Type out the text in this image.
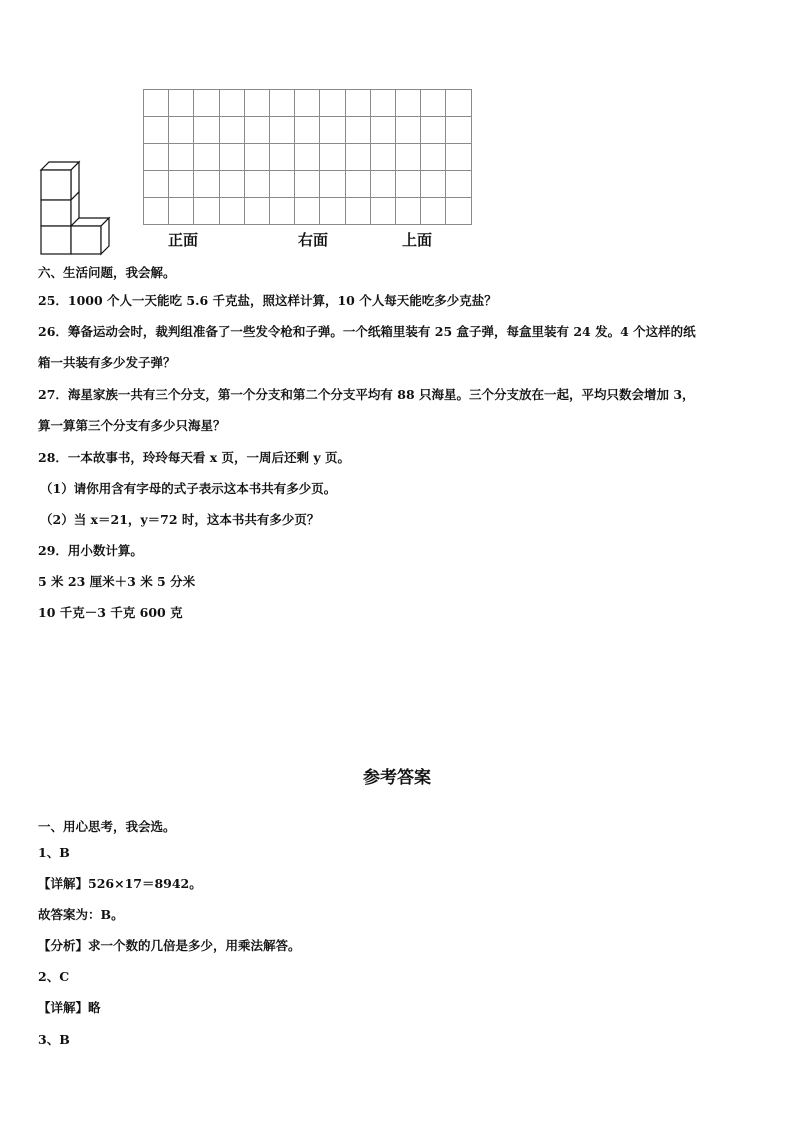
正面	右面	上面
六、生活问题，我会解。
25．1000 个人一天能吃 5.6 千克盐，照这样计算，10 个人每天能吃多少克盐？
26．筹备运动会时，裁判组准备了一些发令枪和子弹。一个纸箱里装有 25 盒子弹，每盒里装有 24 发。4 个这样的纸
箱一共装有多少发子弹？
27．海星家族一共有三个分支，第一个分支和第二个分支平均有 88 只海星。三个分支放在一起，平均只数会增加 3，
算一算第三个分支有多少只海星？
28．一本故事书，玲玲每天看 x 页，一周后还剩 y 页。
（1）请你用含有字母的式子表示这本书共有多少页。
（2）当 x＝21，y＝72 时，这本书共有多少页？
29．用小数计算。
5 米 23 厘米＋3 米 5 分米
10 千克－3 千克 600 克
参考答案
一、用心思考，我会选。
1、B
【详解】526×17＝8942。
故答案为：B。
【分析】求一个数的几倍是多少，用乘法解答。
2、C
【详解】略
3、B
